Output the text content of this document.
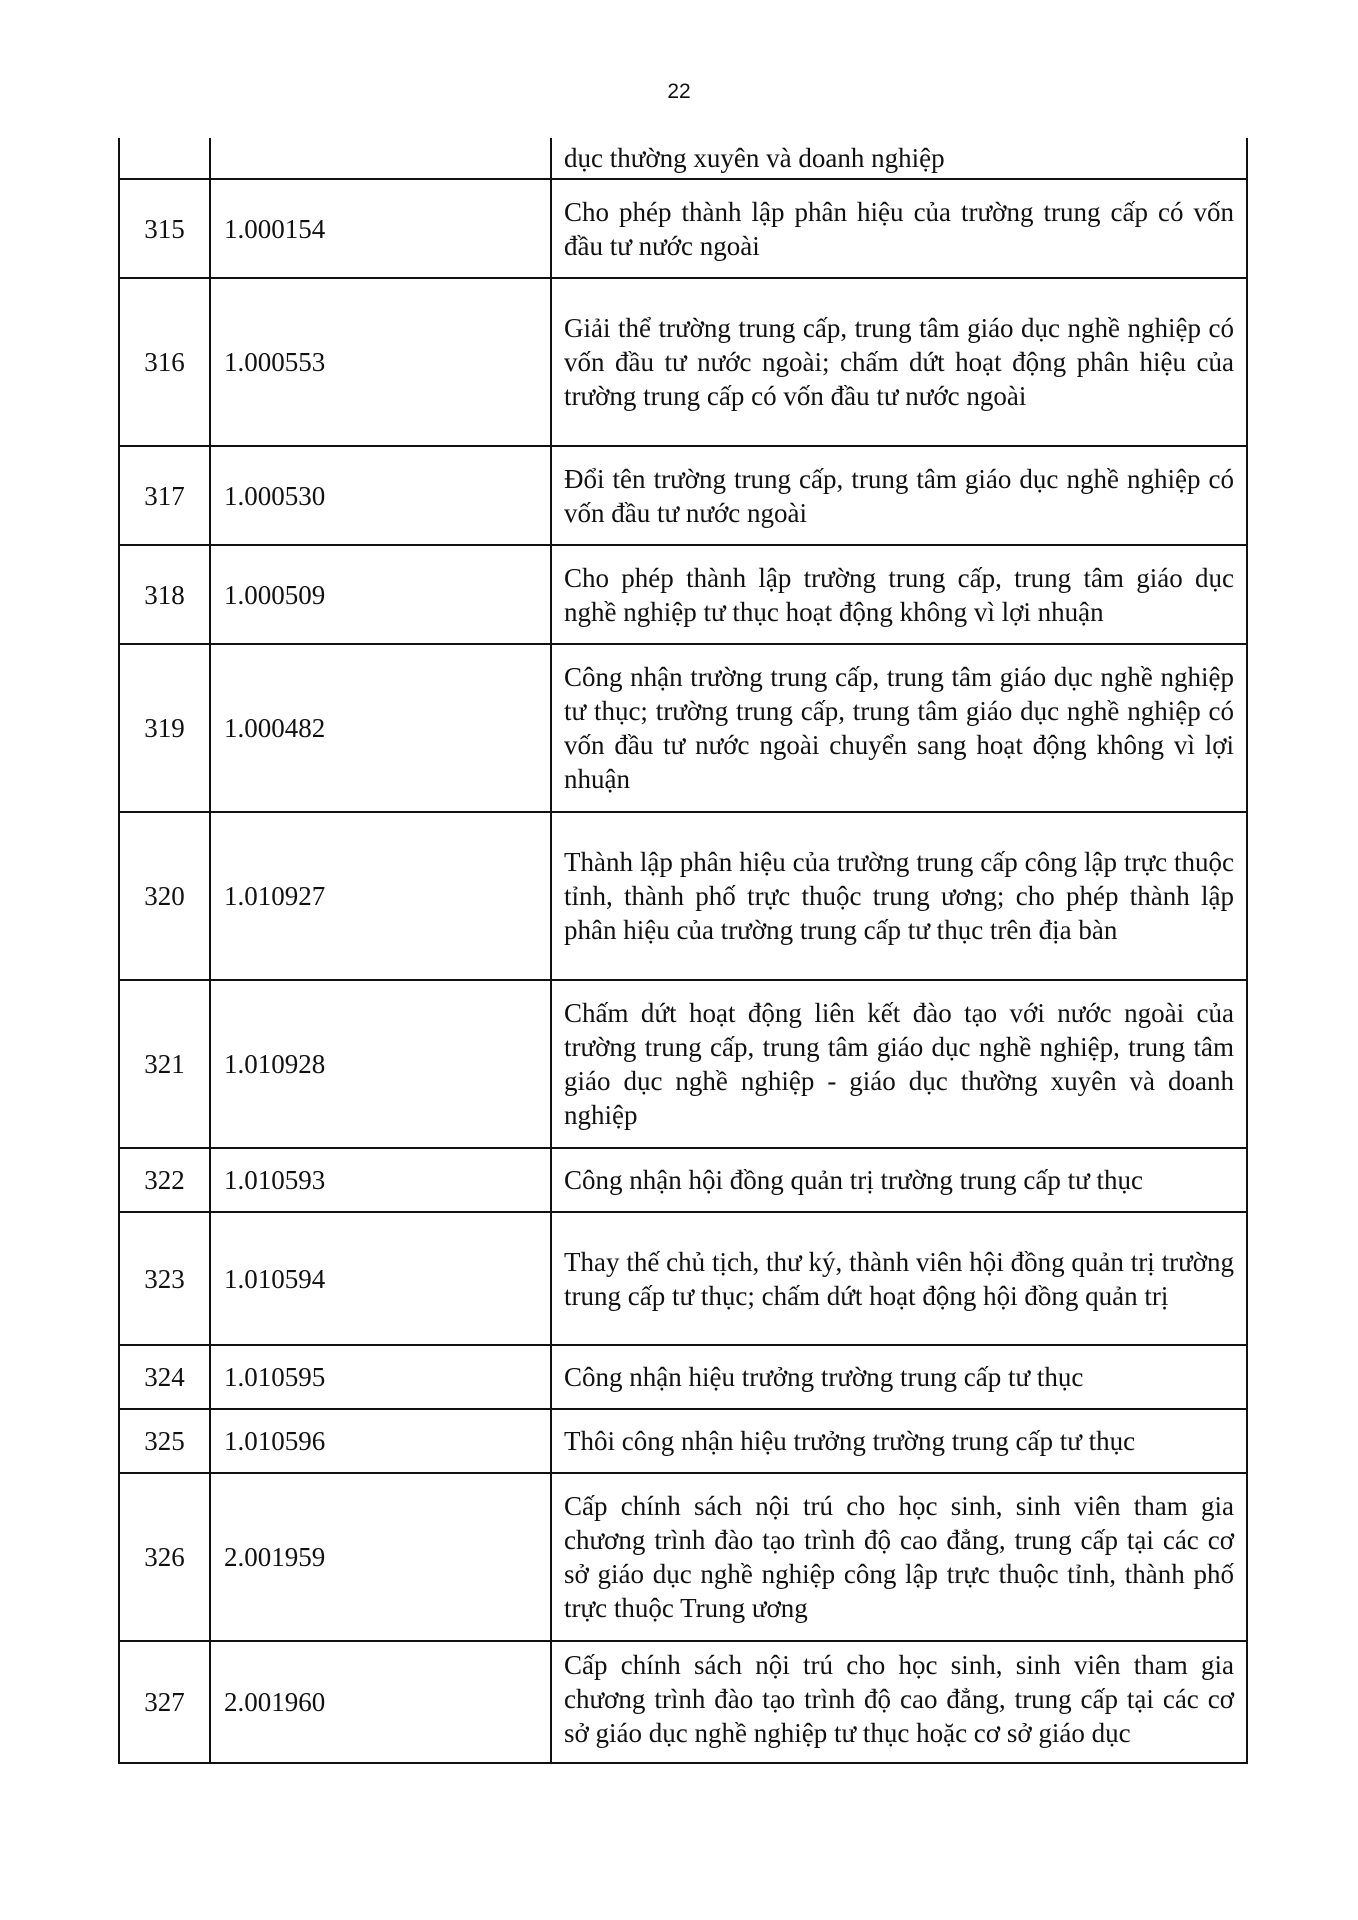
22

		dục thường xuyên và doanh nghiệp

315	1.000154	Cho phép thành lập phân hiệu của trường trung cấp có vốn đầu tư nước ngoài

316	1.000553	Giải thể trường trung cấp, trung tâm giáo dục nghề nghiệp có vốn đầu tư nước ngoài; chấm dứt hoạt động phân hiệu của trường trung cấp có vốn đầu tư nước ngoài

317	1.000530	Đổi tên trường trung cấp, trung tâm giáo dục nghề nghiệp có vốn đầu tư nước ngoài

318	1.000509	Cho phép thành lập trường trung cấp, trung tâm giáo dục nghề nghiệp tư thục hoạt động không vì lợi nhuận

319	1.000482	Công nhận trường trung cấp, trung tâm giáo dục nghề nghiệp tư thục; trường trung cấp, trung tâm giáo dục nghề nghiệp có vốn đầu tư nước ngoài chuyển sang hoạt động không vì lợi nhuận

320	1.010927	Thành lập phân hiệu của trường trung cấp công lập trực thuộc tỉnh, thành phố trực thuộc trung ương; cho phép thành lập phân hiệu của trường trung cấp tư thục trên địa bàn

321	1.010928	Chấm dứt hoạt động liên kết đào tạo với nước ngoài của trường trung cấp, trung tâm giáo dục nghề nghiệp, trung tâm giáo dục nghề nghiệp - giáo dục thường xuyên và doanh nghiệp

322	1.010593	Công nhận hội đồng quản trị trường trung cấp tư thục

323	1.010594	Thay thế chủ tịch, thư ký, thành viên hội đồng quản trị trường trung cấp tư thục; chấm dứt hoạt động hội đồng quản trị

324	1.010595	Công nhận hiệu trưởng trường trung cấp tư thục

325	1.010596	Thôi công nhận hiệu trưởng trường trung cấp tư thục

326	2.001959	Cấp chính sách nội trú cho học sinh, sinh viên tham gia chương trình đào tạo trình độ cao đẳng, trung cấp tại các cơ sở giáo dục nghề nghiệp công lập trực thuộc tỉnh, thành phố trực thuộc Trung ương

327	2.001960	Cấp chính sách nội trú cho học sinh, sinh viên tham gia chương trình đào tạo trình độ cao đẳng, trung cấp tại các cơ sở giáo dục nghề nghiệp tư thục hoặc cơ sở giáo dục
